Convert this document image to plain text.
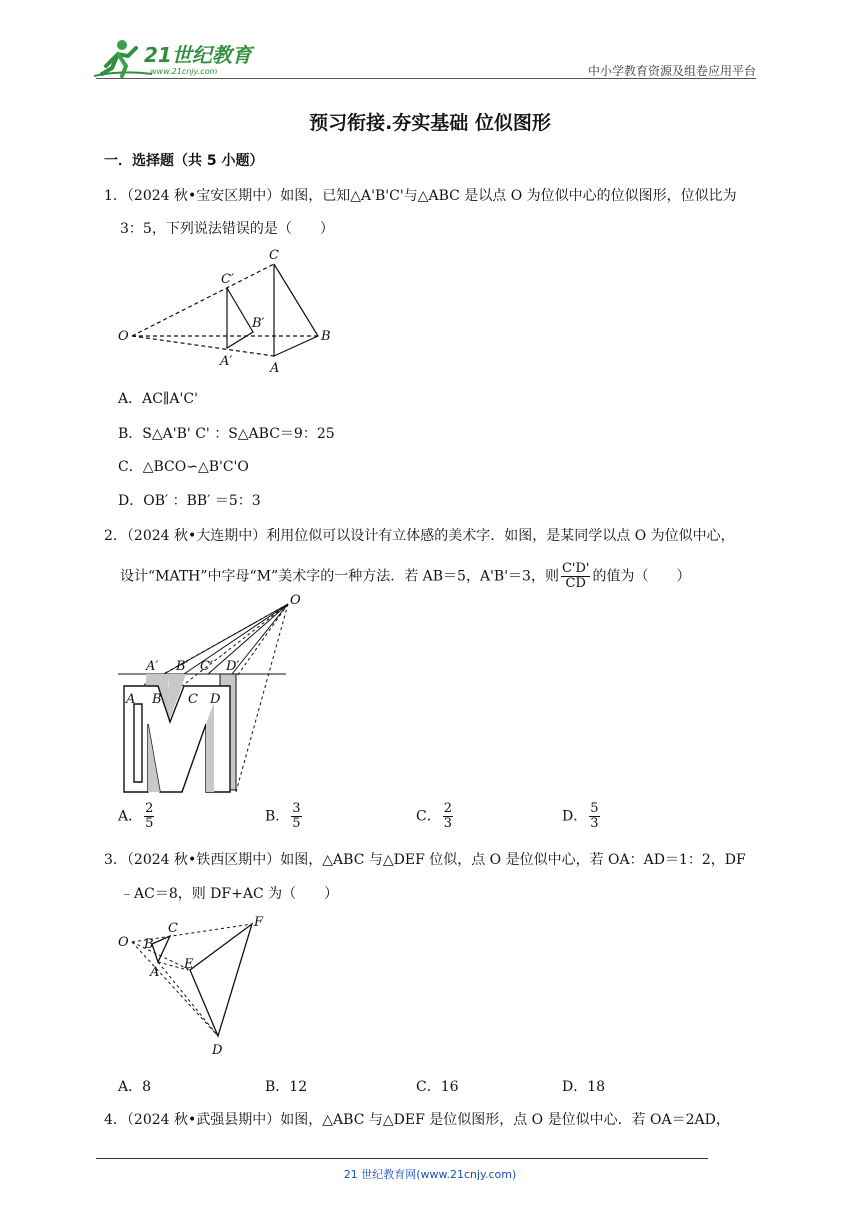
21世纪教育
www.21cnjy.com	中小学教育资源及组卷应用平台
预习衔接.夯实基础 位似图形
一．选择题（共 5 小题）
1．（2024 秋•宝安区期中）如图，已知△A'B'C'与△ABC 是以点 O 为位似中心的位似图形，位似比为
3：5，下列说法错误的是（　　）
C
C′
B′
O	B
A′	A
A．AC∥A'C'
B．S△A'B' C' ：S△ABC＝9：25
C．△BCO∽△B'C'O
D．OB′ ：BB′ ＝5：3
2．（2024 秋•大连期中）利用位似可以设计有立体感的美术字．如图，是某同学以点 O 为位似中心，
设计“MATH”中字母“M”美术字的一种方法．若 AB＝5，A'B'＝3，则 $\frac{C'D'}{CD}$ 的值为（　　）
O
A′ B′ C′ D′
A B C D
A． $\frac{2}{5}$	B． $\frac{3}{5}$	C． $\frac{2}{3}$	D． $\frac{5}{3}$
3．（2024 秋•铁西区期中）如图，△ABC 与△DEF 位似，点 O 是位似中心，若 OA：AD＝1：2，DF
﹣AC＝8，则 DF+AC 为（　　）
O B
C	F
E
A
D
A．8	B．12	C．16	D．18
4．（2024 秋•武强县期中）如图，△ABC 与△DEF 是位似图形，点 O 是位似中心．若 OA＝2AD，
21 世纪教育网(www.21cnjy.com)
